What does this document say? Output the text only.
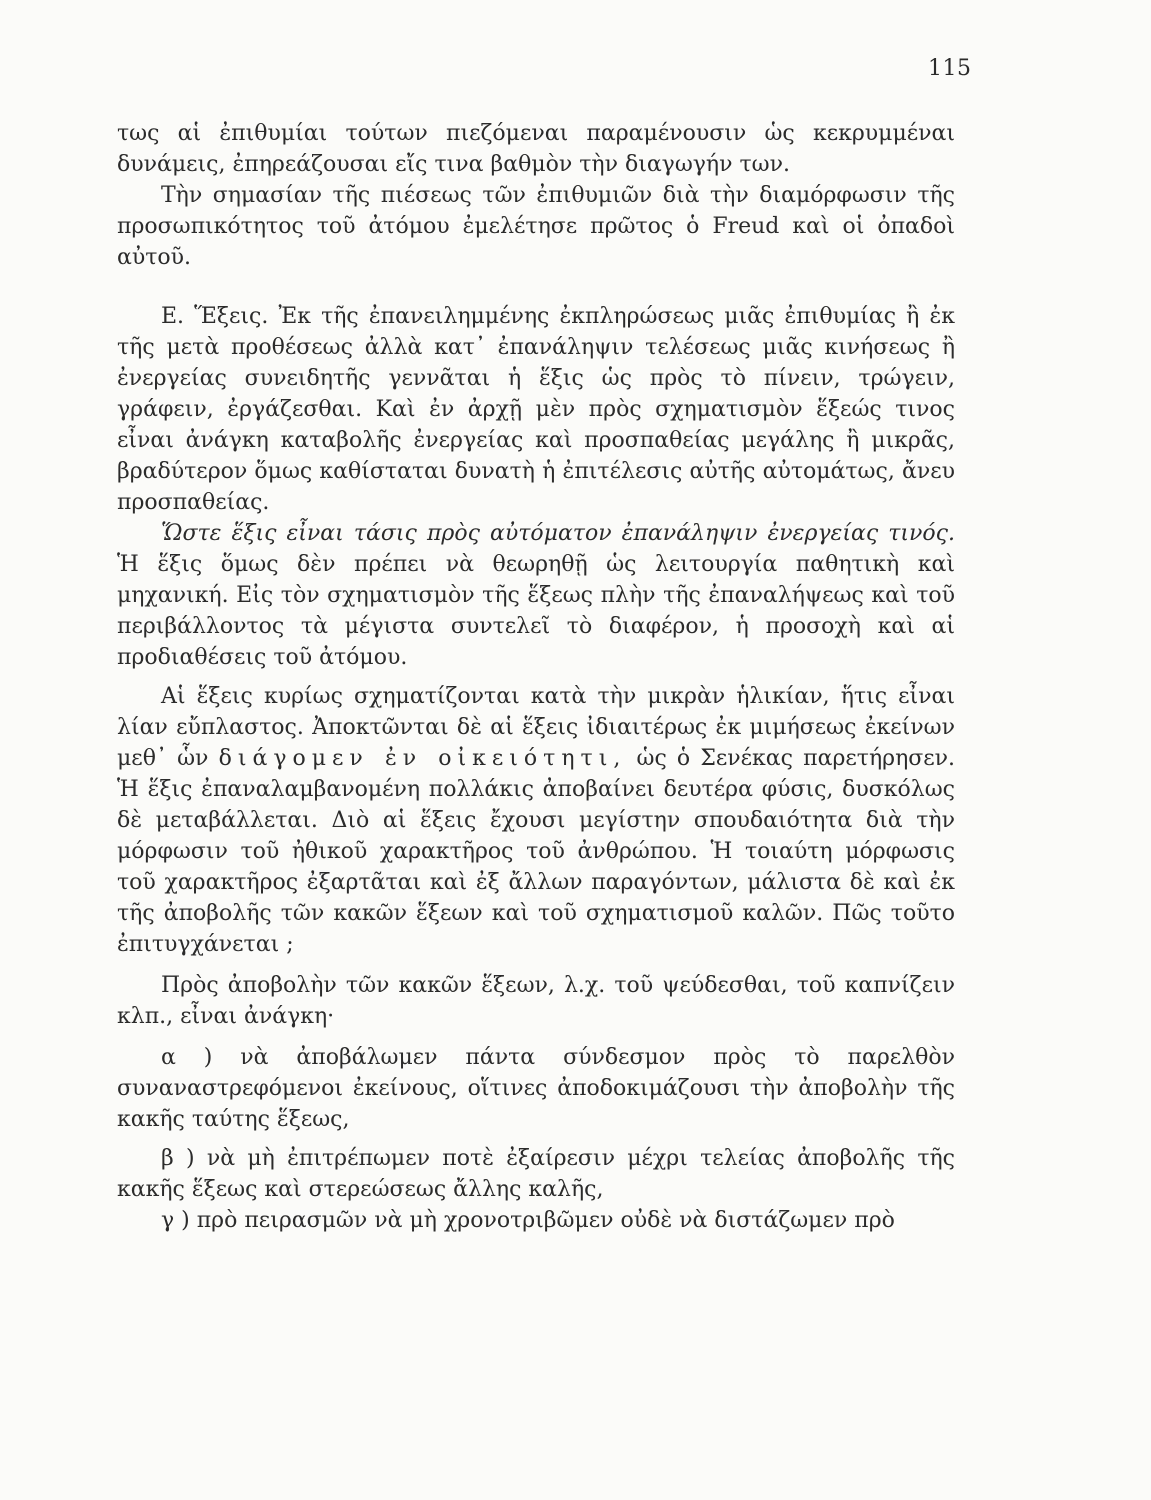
115

τως αἱ ἐπιθυμίαι τούτων πιεζόμεναι παραμένουσιν ὡς κεκρυμμέναι δυνάμεις, ἐπηρεάζουσαι εἴς τινα βαθμὸν τὴν διαγωγήν των.

Τὴν σημασίαν τῆς πιέσεως τῶν ἐπιθυμιῶν διὰ τὴν διαμόρφωσιν τῆς προσωπικότητος τοῦ ἀτόμου ἐμελέτησε πρῶτος ὁ Freud καὶ οἱ ὀπαδοὶ αὐτοῦ.

Ε. Ἕξεις. Ἐκ τῆς ἐπανειλημμένης ἐκπληρώσεως μιᾶς ἐπιθυμίας ἢ ἐκ τῆς μετὰ προθέσεως ἀλλὰ κατ᾽ ἐπανάληψιν τελέσεως μιᾶς κινήσεως ἢ ἐνεργείας συνειδητῆς γεννᾶται ἡ ἕξις ὡς πρὸς τὸ πίνειν, τρώγειν, γράφειν, ἐργάζεσθαι. Καὶ ἐν ἀρχῇ μὲν πρὸς σχηματισμὸν ἕξεώς τινος εἶναι ἀνάγκη καταβολῆς ἐνεργείας καὶ προσπαθείας μεγάλης ἢ μικρᾶς, βραδύτερον ὅμως καθίσταται δυνατὴ ἡ ἐπιτέλεσις αὐτῆς αὐτομάτως, ἄνευ προσπαθείας.

Ὥστε ἕξις εἶναι τάσις πρὸς αὐτόματον ἐπανάληψιν ἐνεργείας τινός. Ἡ ἕξις ὅμως δὲν πρέπει νὰ θεωρηθῇ ὡς λειτουργία παθητικὴ καὶ μηχανική. Εἰς τὸν σχηματισμὸν τῆς ἕξεως πλὴν τῆς ἐπαναλήψεως καὶ τοῦ περιβάλλοντος τὰ μέγιστα συντελεῖ τὸ διαφέρον, ἡ προσοχὴ καὶ αἱ προδιαθέσεις τοῦ ἀτόμου.

Αἱ ἕξεις κυρίως σχηματίζονται κατὰ τὴν μικρὰν ἡλικίαν, ἥτις εἶναι λίαν εὔπλαστος. Ἀποκτῶνται δὲ αἱ ἕξεις ἰδιαιτέρως ἐκ μιμήσεως ἐκείνων μεθ᾽ ὧν διάγομεν ἐν οἰκειότητι, ὡς ὁ Σενέκας παρετήρησεν. Ἡ ἕξις ἐπαναλαμβανομένη πολλάκις ἀποβαίνει δευτέρα φύσις, δυσκόλως δὲ μεταβάλλεται. Διὸ αἱ ἕξεις ἔχουσι μεγίστην σπουδαιότητα διὰ τὴν μόρφωσιν τοῦ ἠθικοῦ χαρακτῆρος τοῦ ἀνθρώπου. Ἡ τοιαύτη μόρφωσις τοῦ χαρακτῆρος ἐξαρτᾶται καὶ ἐξ ἄλλων παραγόντων, μάλιστα δὲ καὶ ἐκ τῆς ἀποβολῆς τῶν κακῶν ἕξεων καὶ τοῦ σχηματισμοῦ καλῶν. Πῶς τοῦτο ἐπιτυγχάνεται ;

Πρὸς ἀποβολὴν τῶν κακῶν ἕξεων, λ.χ. τοῦ ψεύδεσθαι, τοῦ καπνίζειν κλπ., εἶναι ἀνάγκη·

α ) νὰ ἀποβάλωμεν πάντα σύνδεσμον πρὸς τὸ παρελθὸν συναναστρεφόμενοι ἐκείνους, οἵτινες ἀποδοκιμάζουσι τὴν ἀποβολὴν τῆς κακῆς ταύτης ἕξεως,

β ) νὰ μὴ ἐπιτρέπωμεν ποτὲ ἐξαίρεσιν μέχρι τελείας ἀποβολῆς τῆς κακῆς ἕξεως καὶ στερεώσεως ἄλλης καλῆς,

γ ) πρὸ πειρασμῶν νὰ μὴ χρονοτριβῶμεν οὐδὲ νὰ διστάζωμεν πρὸ
